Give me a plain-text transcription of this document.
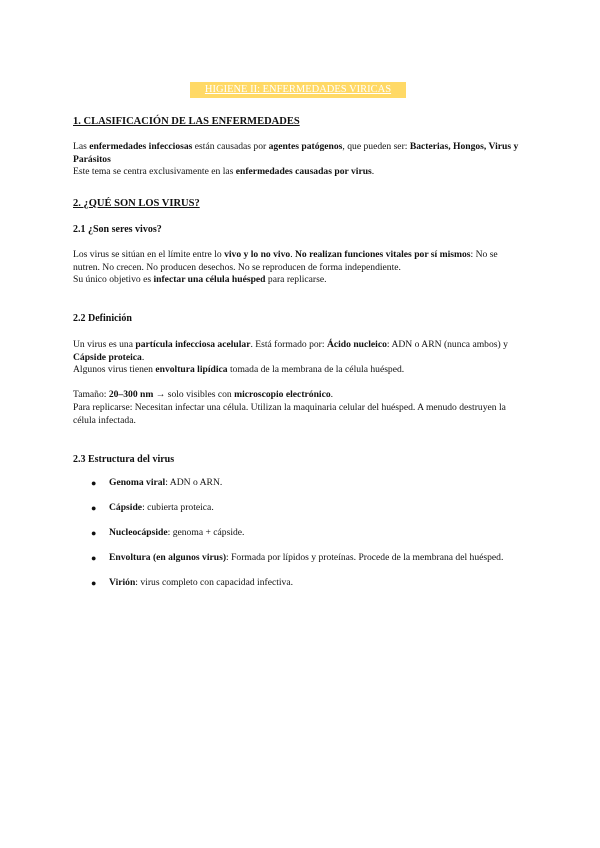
HIGIENE II: ENFERMEDADES VIRICAS
1. CLASIFICACIÓN DE LAS ENFERMEDADES
Las enfermedades infecciosas están causadas por agentes patógenos, que pueden ser: Bacterias, Hongos, Virus y Parásitos
Este tema se centra exclusivamente en las enfermedades causadas por virus.
2. ¿QUÉ SON LOS VIRUS?
2.1 ¿Son seres vivos?
Los virus se sitúan en el límite entre lo vivo y lo no vivo. No realizan funciones vitales por sí mismos: No se nutren. No crecen. No producen desechos. No se reproducen de forma independiente.
Su único objetivo es infectar una célula huésped para replicarse.
2.2 Definición
Un virus es una partícula infecciosa acelular. Está formado por: Ácido nucleico: ADN o ARN (nunca ambos) y Cápside proteica.
Algunos virus tienen envoltura lipídica tomada de la membrana de la célula huésped.
Tamaño: 20–300 nm → solo visibles con microscopio electrónico.
Para replicarse: Necesitan infectar una célula. Utilizan la maquinaria celular del huésped. A menudo destruyen la célula infectada.
2.3 Estructura del virus
● Genoma viral: ADN o ARN.
● Cápside: cubierta proteica.
● Nucleocápside: genoma + cápside.
● Envoltura (en algunos virus): Formada por lípidos y proteínas. Procede de la membrana del huésped.
● Virión: virus completo con capacidad infectiva.
